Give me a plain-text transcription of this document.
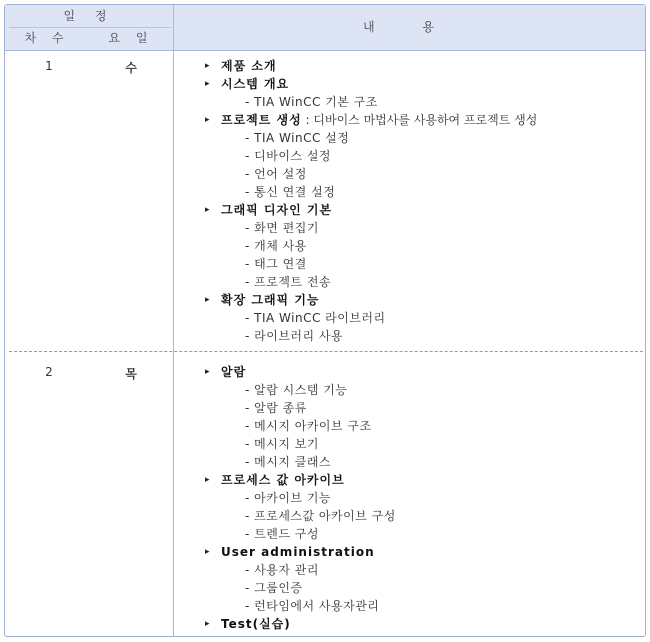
일 정
차 수	요 일
내 용
1	수	▸ 제품 소개
▸ 시스템 개요
- TIA WinCC 기본 구조
▸ 프로젝트 생성 : 디바이스 마법사를 사용하여 프로젝트 생성
- TIA WinCC 설정
- 디바이스 설정
- 언어 설정
- 통신 연결 설정
▸ 그래픽 디자인 기본
- 화면 편집기
- 개체 사용
- 태그 연결
- 프로젝트 전송
▸ 확장 그래픽 기능
- TIA WinCC 라이브러리
- 라이브러리 사용
2	목	▸ 알람
- 알람 시스템 기능
- 알람 종류
- 메시지 아카이브 구조
- 메시지 보기
- 메시지 클래스
▸ 프로세스 값 아카이브
- 아카이브 기능
- 프로세스값 아카이브 구성
- 트렌드 구성
▸ User administration
- 사용자 관리
- 그룹인증
- 런타임에서 사용자관리
▸ Test(실습)
